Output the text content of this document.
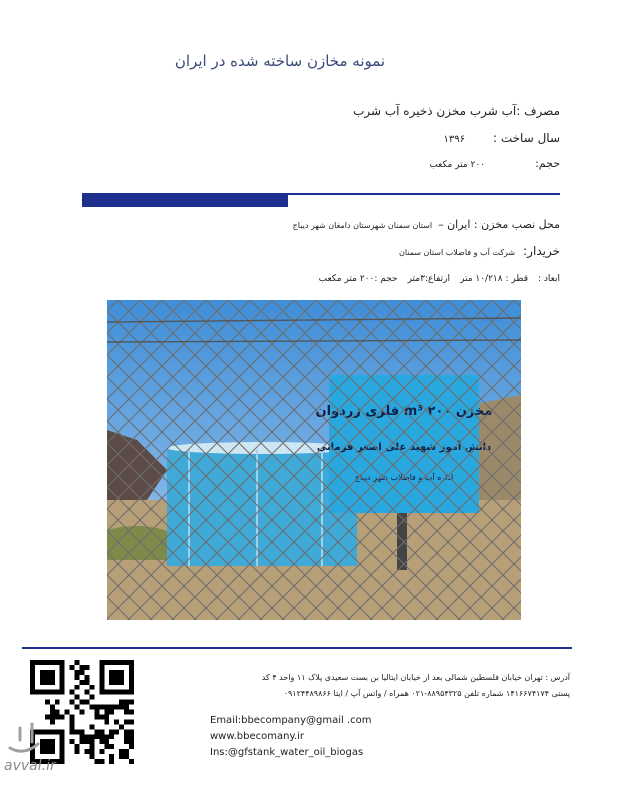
نمونه مخازن ساخته شده در ایران
مصرف :آب شرب مخزن ذخیره آب شرب
سال ساخت :۱۳۹۶
حجم:۲۰۰ متر مکعب
محل نصب مخزن : ایران –استان سمنان شهرستان دامغان شهر دیباج
خریدار:شرکت آب و فاضلاب استان سمنان
ابعاد :قطر : ۱۰/۲۱۸ مترارتفاع:۳مترحجم :۲۰۰ متر مکعب
آدرس : تهران خیابان فلسطین شمالی بعد از خیابان ایتالیا بن بست سعیدی پلاک ۱۱ واحد ۴ کد
پستی ۱۴۱۶۶۷۴۱۷۴ شماره تلفن ۸۸۹۵۴۳۲۵-۰۲۱ همراه / واتس آپ / ایتا ۰۹۱۲۴۴۸۹۸۶۶
Email:bbecompany@gmail .com
www.bbecomany.ir
Ins:@gfstank_water_oil_biogas
avval.ir
